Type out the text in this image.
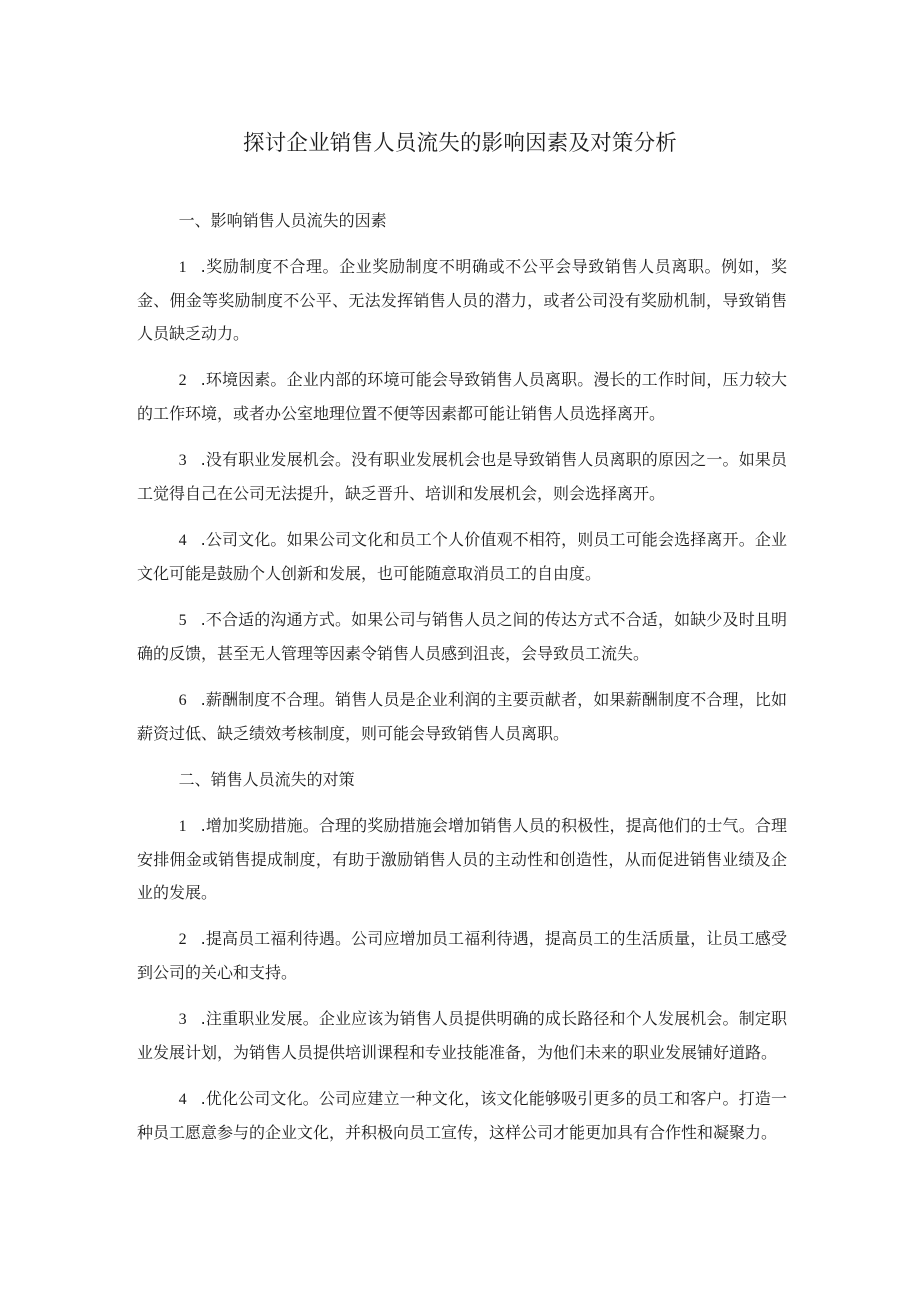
探讨企业销售人员流失的影响因素及对策分析

一、影响销售人员流失的因素

1 .奖励制度不合理。企业奖励制度不明确或不公平会导致销售人员离职。例如，奖金、佣金等奖励制度不公平、无法发挥销售人员的潜力，或者公司没有奖励机制，导致销售人员缺乏动力。

2 .环境因素。企业内部的环境可能会导致销售人员离职。漫长的工作时间，压力较大的工作环境，或者办公室地理位置不便等因素都可能让销售人员选择离开。

3 .没有职业发展机会。没有职业发展机会也是导致销售人员离职的原因之一。如果员工觉得自己在公司无法提升，缺乏晋升、培训和发展机会，则会选择离开。

4 .公司文化。如果公司文化和员工个人价值观不相符，则员工可能会选择离开。企业文化可能是鼓励个人创新和发展，也可能随意取消员工的自由度。

5 .不合适的沟通方式。如果公司与销售人员之间的传达方式不合适，如缺少及时且明确的反馈，甚至无人管理等因素令销售人员感到沮丧，会导致员工流失。

6 .薪酬制度不合理。销售人员是企业利润的主要贡献者，如果薪酬制度不合理，比如薪资过低、缺乏绩效考核制度，则可能会导致销售人员离职。

二、销售人员流失的对策

1 .增加奖励措施。合理的奖励措施会增加销售人员的积极性，提高他们的士气。合理安排佣金或销售提成制度，有助于激励销售人员的主动性和创造性，从而促进销售业绩及企业的发展。

2 .提高员工福利待遇。公司应增加员工福利待遇，提高员工的生活质量，让员工感受到公司的关心和支持。

3 .注重职业发展。企业应该为销售人员提供明确的成长路径和个人发展机会。制定职业发展计划，为销售人员提供培训课程和专业技能准备，为他们未来的职业发展铺好道路。

4 .优化公司文化。公司应建立一种文化，该文化能够吸引更多的员工和客户。打造一种员工愿意参与的企业文化，并积极向员工宣传，这样公司才能更加具有合作性和凝聚力。
